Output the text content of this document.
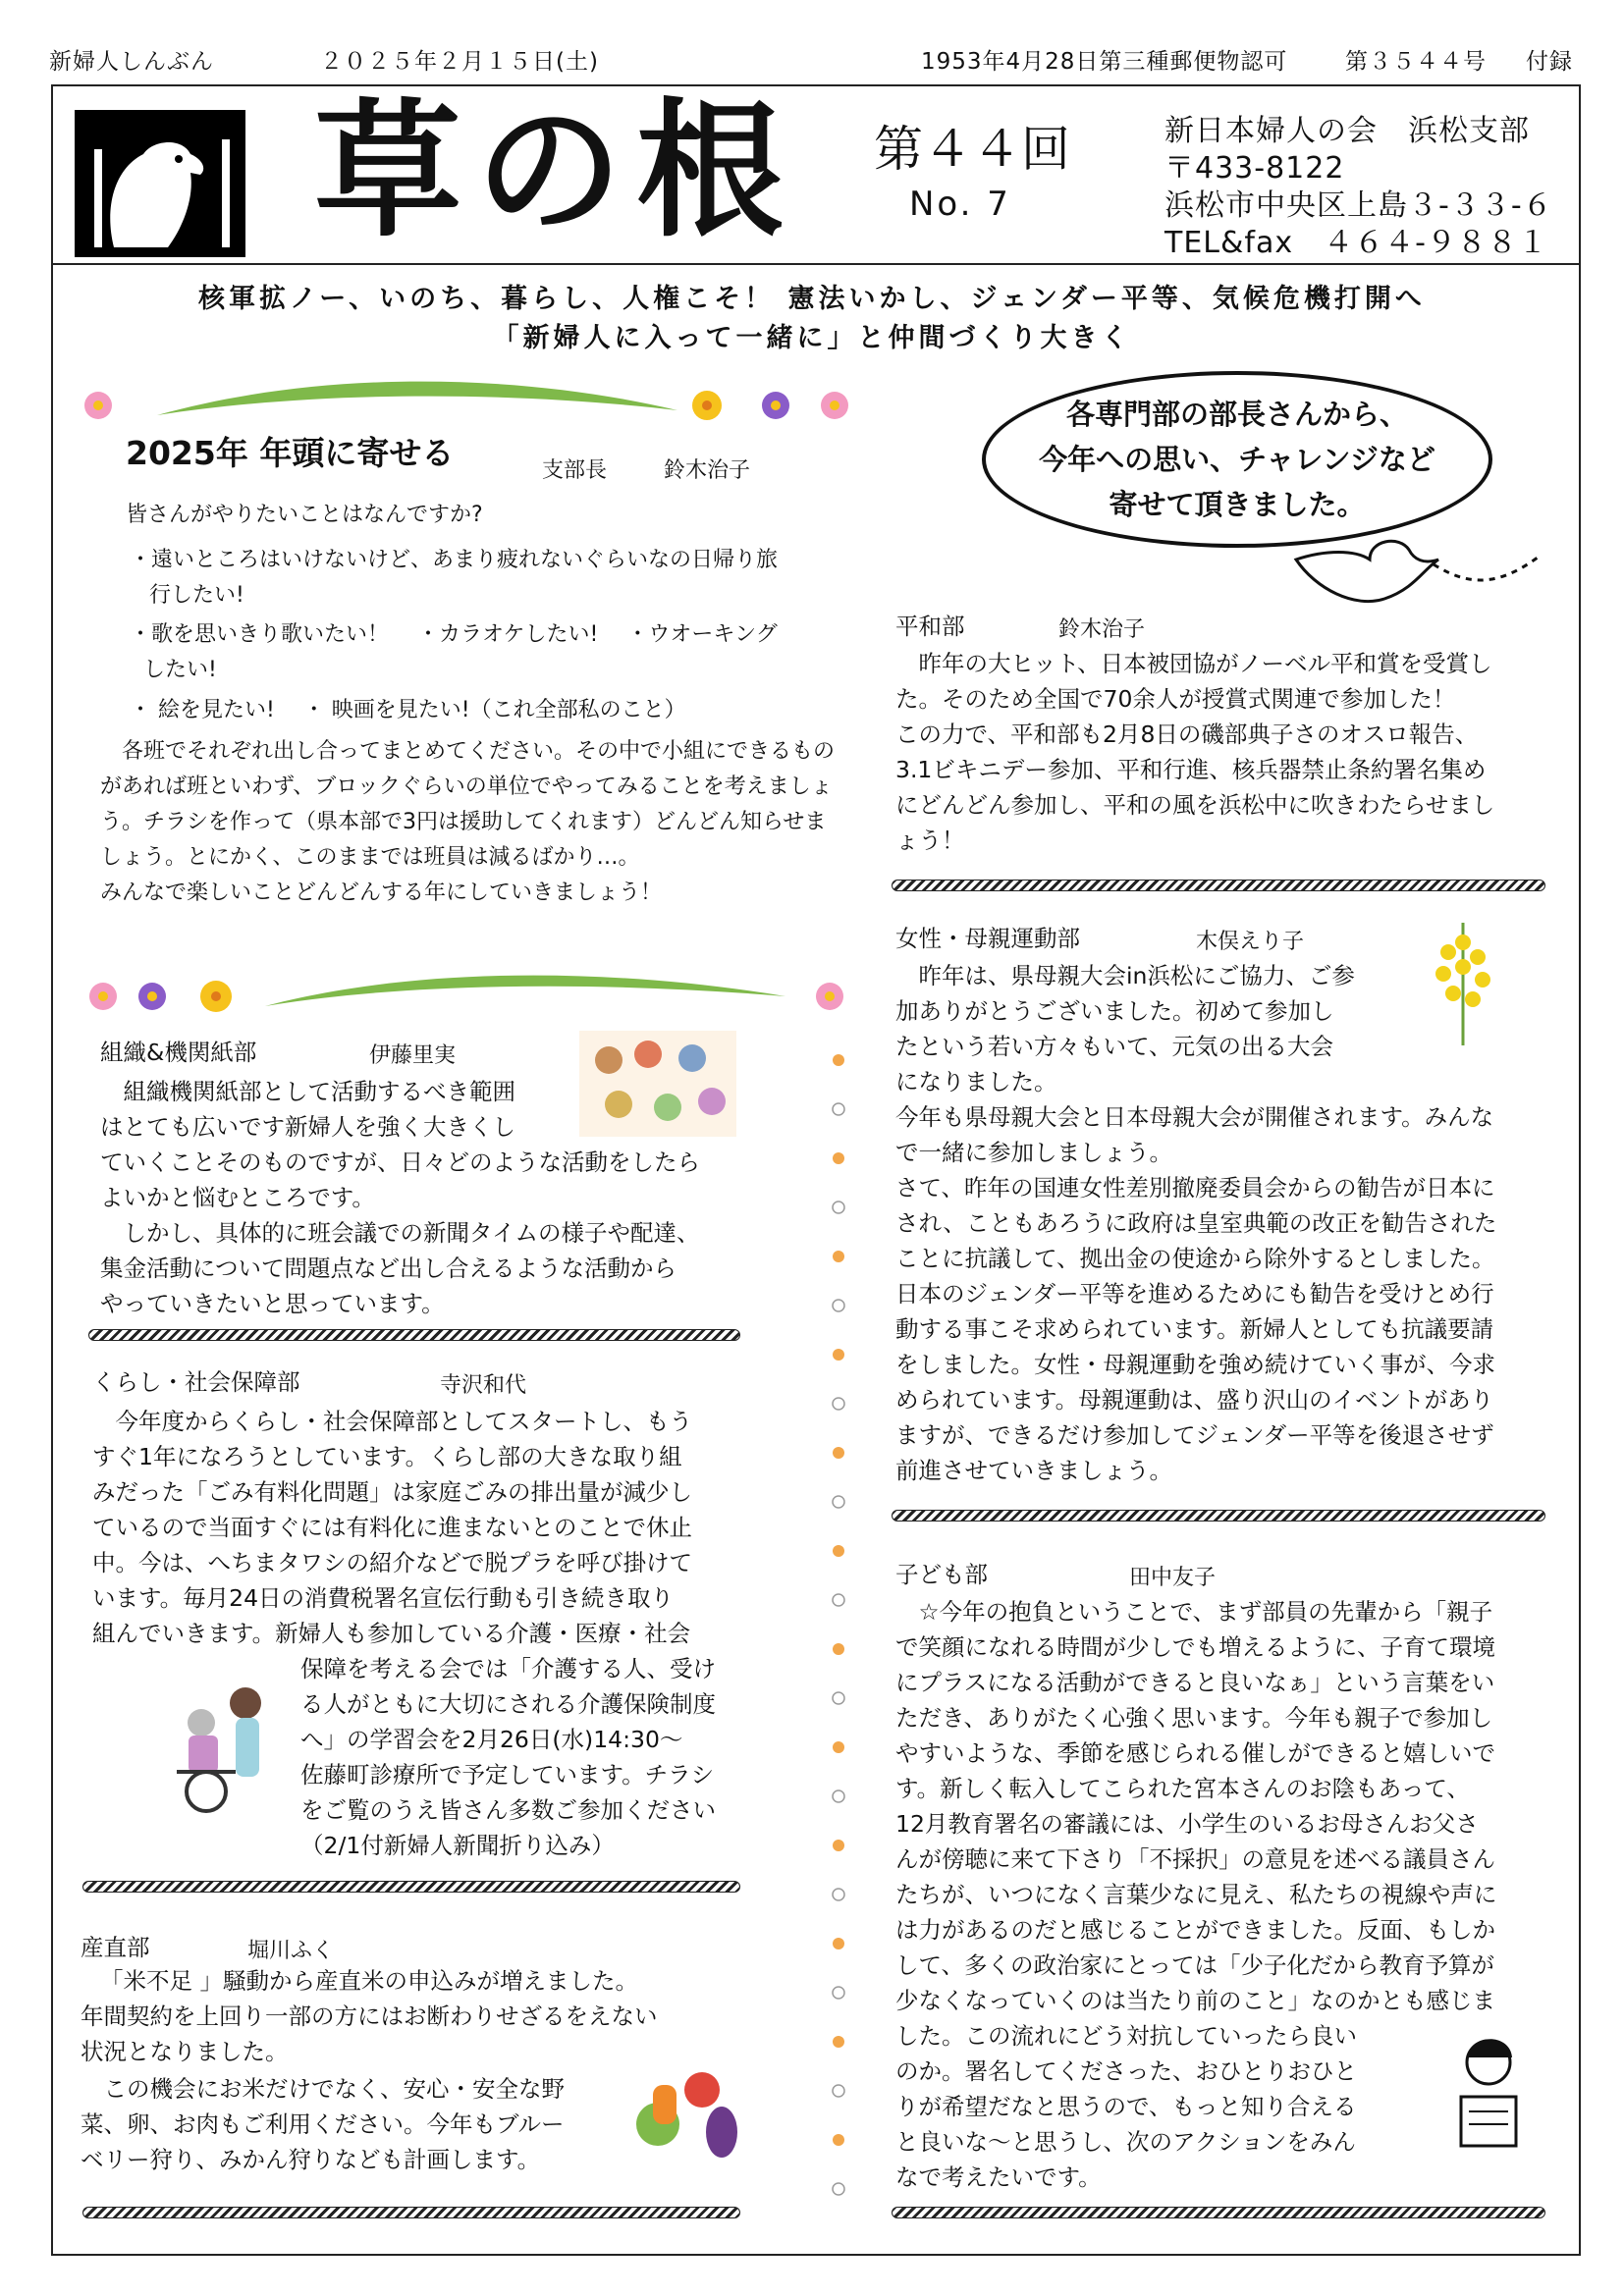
新婦人しんぶん	２０２５年２月１５日(土)	1953年4月28日第三種郵便物認可	第３５４４号 付録
草の根 第４４回
No. 7
新日本婦人の会　浜松支部
〒433-8122
浜松市中央区上島３-３３-６
TEL&fax　４６４-９８８１
核軍拡ノー、いのち、暮らし、人権こそ！ 憲法いかし、ジェンダー平等、気候危機打開へ
「新婦人に入って一緒に」と仲間づくり大きく
2025年 年頭に寄せる	支部長	鈴木治子
皆さんがやりたいことはなんですか?
・遠いところはいけないけど、あまり疲れないぐらいなの日帰り旅
行したい!
・歌を思いきり歌いたい！　 ・カラオケしたい!　 ・ウオーキング
したい!
・ 絵を見たい!　 ・ 映画を見たい!（これ全部私のこと）
　各班でそれぞれ出し合ってまとめてください。その中で小組にできるもの
があれば班といわず、ブロックぐらいの単位でやってみることを考えましょ
う。チラシを作って（県本部で3円は援助してくれます）どんどん知らせま
しょう。とにかく、このままでは班員は減るばかり…。
みんなで楽しいことどんどんする年にしていきましょう！
各専門部の部長さんから、
今年への思い、チャレンジなど
寄せて頂きました。
組織&機関紙部	伊藤里実
　組織機関紙部として活動するべき範囲
はとても広いです新婦人を強く大きくし
ていくことそのものですが、日々どのような活動をしたら
よいかと悩むところです。
　しかし、具体的に班会議での新聞タイムの様子や配達、
集金活動について問題点など出し合えるような活動から
やっていきたいと思っています。
くらし・社会保障部	寺沢和代
　今年度からくらし・社会保障部としてスタートし、もう
すぐ1年になろうとしています。くらし部の大きな取り組
みだった「ごみ有料化問題」は家庭ごみの排出量が減少し
ているので当面すぐには有料化に進まないとのことで休止
中。今は、へちまタワシの紹介などで脱プラを呼び掛けて
います。毎月24日の消費税署名宣伝行動も引き続き取り
組んでいきます。新婦人も参加している介護・医療・社会
保障を考える会では「介護する人、受け
る人がともに大切にされる介護保険制度
へ」の学習会を2月26日(水)14:30～
佐藤町診療所で予定しています。チラシ
をご覧のうえ皆さん多数ご参加ください
（2/1付新婦人新聞折り込み）
産直部	堀川ふく
「米不足 」騒動から産直米の申込みが増えました。
年間契約を上回り一部の方にはお断わりせざるをえない
状況となりました。
　この機会にお米だけでなく、安心・安全な野
菜、卵、お肉もご利用ください。今年もブルー
ベリー狩り、みかん狩りなども計画します。
平和部	鈴木治子
　昨年の大ヒット、日本被団協がノーベル平和賞を受賞し
た。そのため全国で70余人が授賞式関連で参加した！
この力で、平和部も2月8日の磯部典子さのオスロ報告、
3.1ビキニデー参加、平和行進、核兵器禁止条約署名集め
にどんどん参加し、平和の風を浜松中に吹きわたらせまし
ょう！
女性・母親運動部	木俣えり子
　昨年は、県母親大会in浜松にご協力、ご参
加ありがとうございました。初めて参加し
たという若い方々もいて、元気の出る大会
になりました。
今年も県母親大会と日本母親大会が開催されます。みんな
で一緒に参加しましょう。
さて、昨年の国連女性差別撤廃委員会からの勧告が日本に
され、こともあろうに政府は皇室典範の改正を勧告された
ことに抗議して、拠出金の使途から除外するとしました。
日本のジェンダー平等を進めるためにも勧告を受けとめ行
動する事こそ求められています。新婦人としても抗議要請
をしました。女性・母親運動を強め続けていく事が、今求
められています。母親運動は、盛り沢山のイベントがあり
ますが、できるだけ参加してジェンダー平等を後退させず
前進させていきましょう。
子ども部	田中友子
　☆今年の抱負ということで、まず部員の先輩から「親子
で笑顔になれる時間が少しでも増えるように、子育て環境
にプラスになる活動ができると良いなぁ」という言葉をい
ただき、ありがたく心強く思います。今年も親子で参加し
やすいような、季節を感じられる催しができると嬉しいで
す。新しく転入してこられた宮本さんのお陰もあって、
12月教育署名の審議には、小学生のいるお母さんお父さ
んが傍聴に来て下さり「不採択」の意見を述べる議員さん
たちが、いつになく言葉少なに見え、私たちの視線や声に
は力があるのだと感じることができました。反面、もしか
して、多くの政治家にとっては「少子化だから教育予算が
少なくなっていくのは当たり前のこと」なのかとも感じま
した。この流れにどう対抗していったら良い
のか。署名してくださった、おひとりおひと
りが希望だなと思うので、もっと知り合える
と良いな～と思うし、次のアクションをみん
なで考えたいです。
